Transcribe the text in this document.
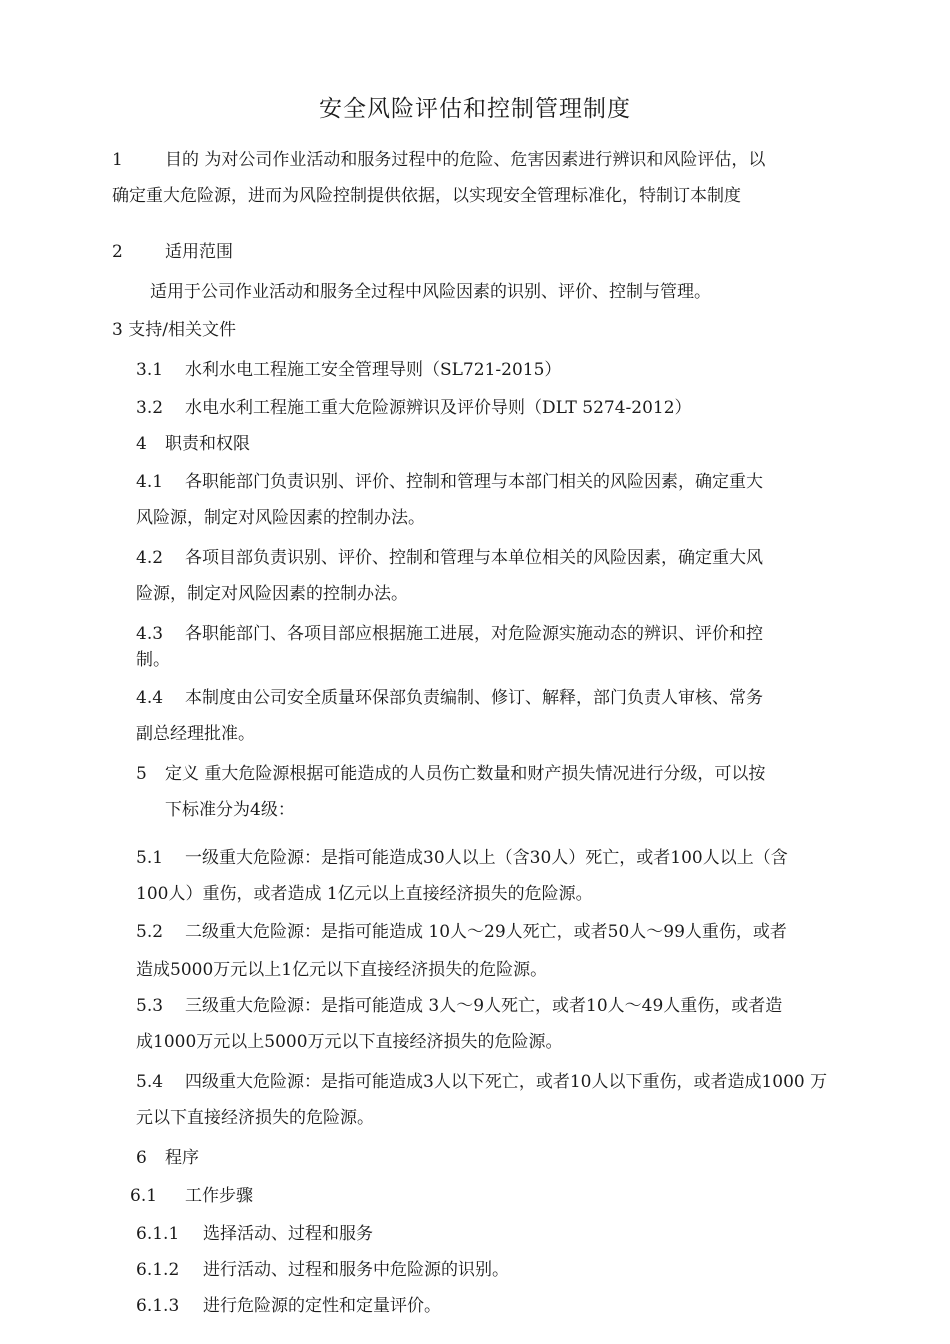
安全风险评估和控制管理制度
1 目的 为对公司作业活动和服务过程中的危险、危害因素进行辨识和风险评估，以
确定重大危险源，进而为风险控制提供依据，以实现安全管理标准化，特制订本制度
2 适用范围
适用于公司作业活动和服务全过程中风险因素的识别、评价、控制与管理。
3 支持/相关文件
3.1 水利水电工程施工安全管理导则（SL721-2015）
3.2 水电水利工程施工重大危险源辨识及评价导则（DLT 5274-2012）
4 职责和权限
4.1 各职能部门负责识别、评价、控制和管理与本部门相关的风险因素，确定重大
风险源，制定对风险因素的控制办法。
4.2 各项目部负责识别、评价、控制和管理与本单位相关的风险因素，确定重大风
险源，制定对风险因素的控制办法。
4.3 各职能部门、各项目部应根据施工进展，对危险源实施动态的辨识、评价和控
制。
4.4 本制度由公司安全质量环保部负责编制、修订、解释，部门负责人审核、常务
副总经理批准。
5 定义 重大危险源根据可能造成的人员伤亡数量和财产损失情况进行分级，可以按
下标准分为4级：
5.1 一级重大危险源：是指可能造成30人以上（含30人）死亡，或者100人以上（含
100人）重伤，或者造成 1亿元以上直接经济损失的危险源。
5.2 二级重大危险源：是指可能造成 10人～29人死亡，或者50人～99人重伤，或者
造成5000万元以上1亿元以下直接经济损失的危险源。
5.3 三级重大危险源：是指可能造成 3人～9人死亡，或者10人～49人重伤，或者造
成1000万元以上5000万元以下直接经济损失的危险源。
5.4 四级重大危险源：是指可能造成3人以下死亡，或者10人以下重伤，或者造成1000 万
元以下直接经济损失的危险源。
6 程序
6.1 工作步骤
6.1.1 选择活动、过程和服务
6.1.2 进行活动、过程和服务中危险源的识别。
6.1.3 进行危险源的定性和定量评价。
